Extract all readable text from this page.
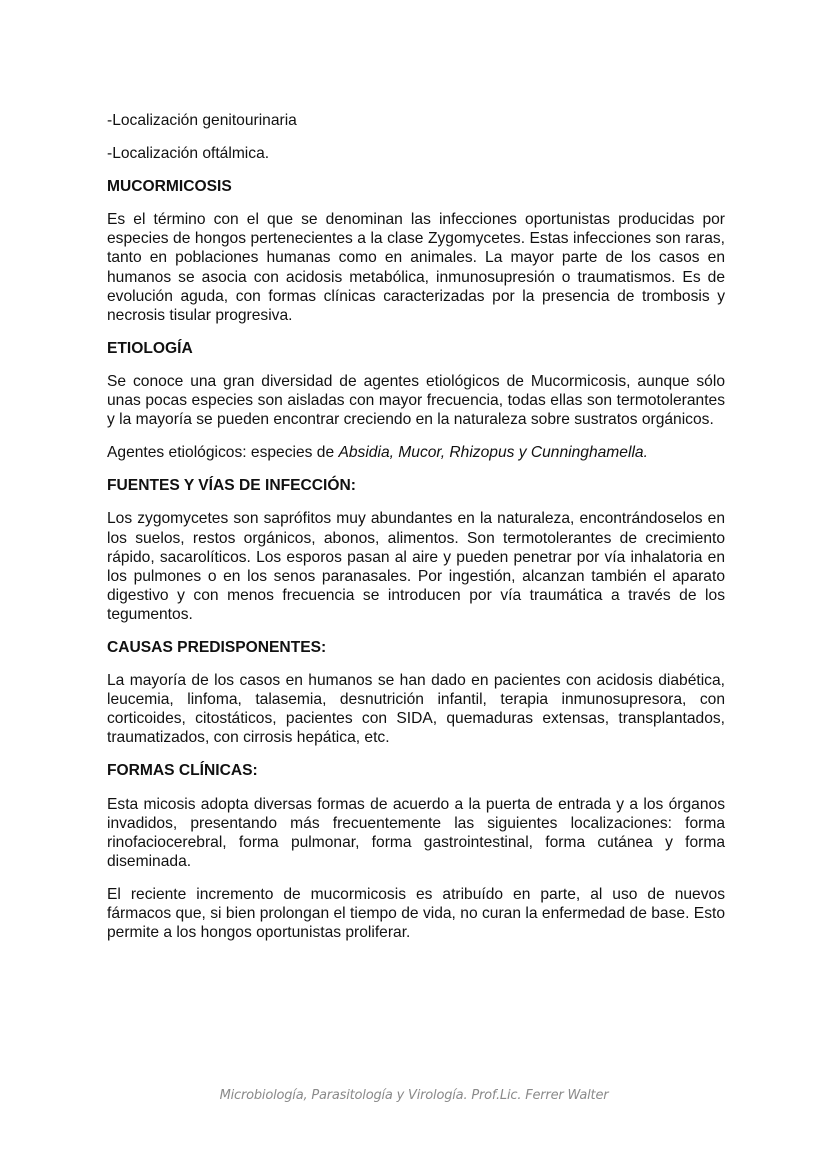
-Localización genitourinaria

-Localización oftálmica.

MUCORMICOSIS

Es el término con el que se denominan las infecciones oportunistas producidas por especies de hongos pertenecientes a la clase Zygomycetes. Estas infecciones son raras, tanto en poblaciones humanas como en animales. La mayor parte de los casos en humanos se asocia con acidosis metabólica, inmunosupresión o traumatismos. Es de evolución aguda, con formas clínicas caracterizadas por la presencia de trombosis y necrosis tisular progresiva.

ETIOLOGÍA

Se conoce una gran diversidad de agentes etiológicos de Mucormicosis, aunque sólo unas pocas especies son aisladas con mayor frecuencia, todas ellas son termotolerantes y la mayoría se pueden encontrar creciendo en la naturaleza sobre sustratos orgánicos.

Agentes etiológicos: especies de Absidia, Mucor, Rhizopus y Cunninghamella.

FUENTES Y VÍAS DE INFECCIÓN:

Los zygomycetes son saprófitos muy abundantes en la naturaleza, encontrándoselos en los suelos, restos orgánicos, abonos, alimentos. Son termotolerantes de crecimiento rápido, sacarolíticos. Los esporos pasan al aire y pueden penetrar por vía inhalatoria en los pulmones o en los senos paranasales. Por ingestión, alcanzan también el aparato digestivo y con menos frecuencia se introducen por vía traumática a través de los tegumentos.

CAUSAS PREDISPONENTES:

La mayoría de los casos en humanos se han dado en pacientes con acidosis diabética, leucemia, linfoma, talasemia, desnutrición infantil, terapia inmunosupresora, con corticoides, citostáticos, pacientes con SIDA, quemaduras extensas, transplantados, traumatizados, con cirrosis hepática, etc.

FORMAS CLÍNICAS:

Esta micosis adopta diversas formas de acuerdo a la puerta de entrada y a los órganos invadidos, presentando más frecuentemente las siguientes localizaciones: forma rinofaciocerebral, forma pulmonar, forma gastrointestinal, forma cutánea y forma diseminada.

El reciente incremento de mucormicosis es atribuído en parte, al uso de nuevos fármacos que, si bien prolongan el tiempo de vida, no curan la enfermedad de base. Esto permite a los hongos oportunistas proliferar.

Microbiología, Parasitología y Virología. Prof.Lic. Ferrer Walter
